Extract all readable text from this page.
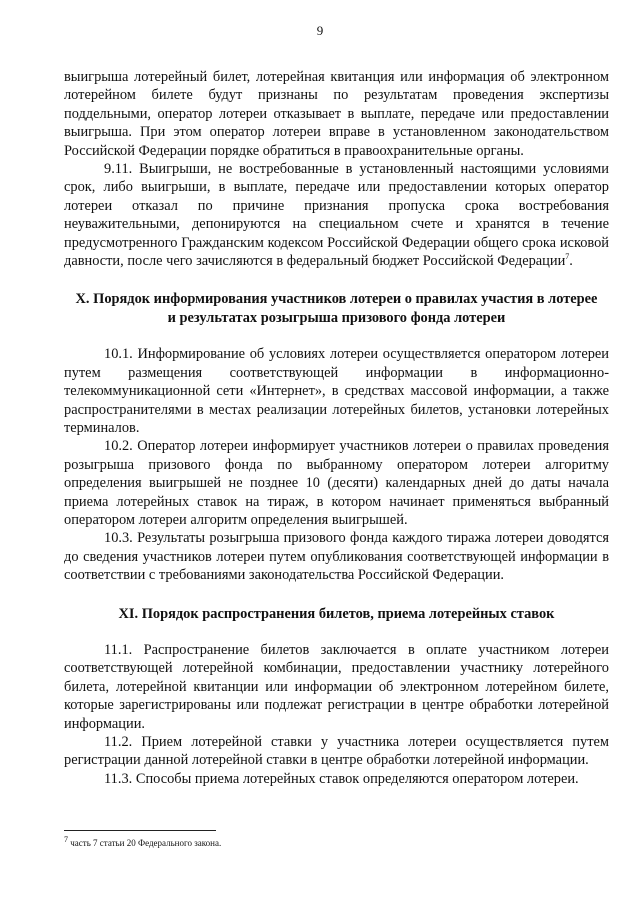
9

выигрыша лотерейный билет, лотерейная квитанция или информация об электронном лотерейном билете будут признаны по результатам проведения экспертизы поддельными, оператор лотереи отказывает в выплате, передаче или предоставлении выигрыша. При этом оператор лотереи вправе в установленном законодательством Российской Федерации порядке обратиться в правоохранительные органы.

9.11. Выигрыши, не востребованные в установленный настоящими условиями срок, либо выигрыши, в выплате, передаче или предоставлении которых оператор лотереи отказал по причине признания пропуска срока востребования неуважительными, депонируются на специальном счете и хранятся в течение предусмотренного Гражданским кодексом Российской Федерации общего срока исковой давности, после чего зачисляются в федеральный бюджет Российской Федерации$^7$.

X. Порядок информирования участников лотереи о правилах участия в лотерее
и результатах розыгрыша призового фонда лотереи

10.1. Информирование об условиях лотереи осуществляется оператором лотереи путем размещения соответствующей информации в информационно-телекоммуникационной сети «Интернет», в средствах массовой информации, а также распространителями в местах реализации лотерейных билетов, установки лотерейных терминалов.

10.2. Оператор лотереи информирует участников лотереи о правилах проведения розыгрыша призового фонда по выбранному оператором лотереи алгоритму определения выигрышей не позднее 10 (десяти) календарных дней до даты начала приема лотерейных ставок на тираж, в котором начинает применяться выбранный оператором лотереи алгоритм определения выигрышей.

10.3. Результаты розыгрыша призового фонда каждого тиража лотереи доводятся до сведения участников лотереи путем опубликования соответствующей информации в соответствии с требованиями законодательства Российской Федерации.

XI. Порядок распространения билетов, приема лотерейных ставок

11.1. Распространение билетов заключается в оплате участником лотереи соответствующей лотерейной комбинации, предоставлении участнику лотерейного билета, лотерейной квитанции или информации об электронном лотерейном билете, которые зарегистрированы или подлежат регистрации в центре обработки лотерейной информации.

11.2. Прием лотерейной ставки у участника лотереи осуществляется путем регистрации данной лотерейной ставки в центре обработки лотерейной информации.

11.3. Способы приема лотерейных ставок определяются оператором лотереи.

$^7$ часть 7 статьи 20 Федерального закона.
